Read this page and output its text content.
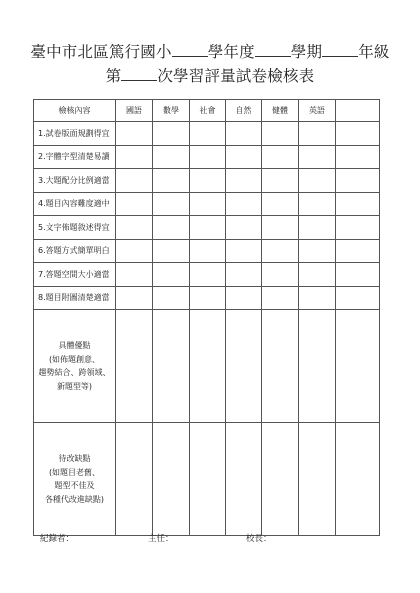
臺中市北區篤行國小 學年度 學期 年級
第 次學習評量試卷檢核表
檢核內容	國語	數學	社會	自然	健體	英語	
1.試卷版面規劃得宜							
2.字體字型清楚易讀							
3.大題配分比例適當							
4.題目內容難度適中							
5.文字佈題敘述得宜							
6.答題方式簡單明白							
7.答題空間大小適當							
8.題目附圖清楚適當							

具體優點
(如佈題創意、
趨勢結合、跨領域、
新題型等)							

待改缺點
(如題目老舊、
題型不佳及
各種代改進缺點)							

紀錄者：	主任：	校長：
